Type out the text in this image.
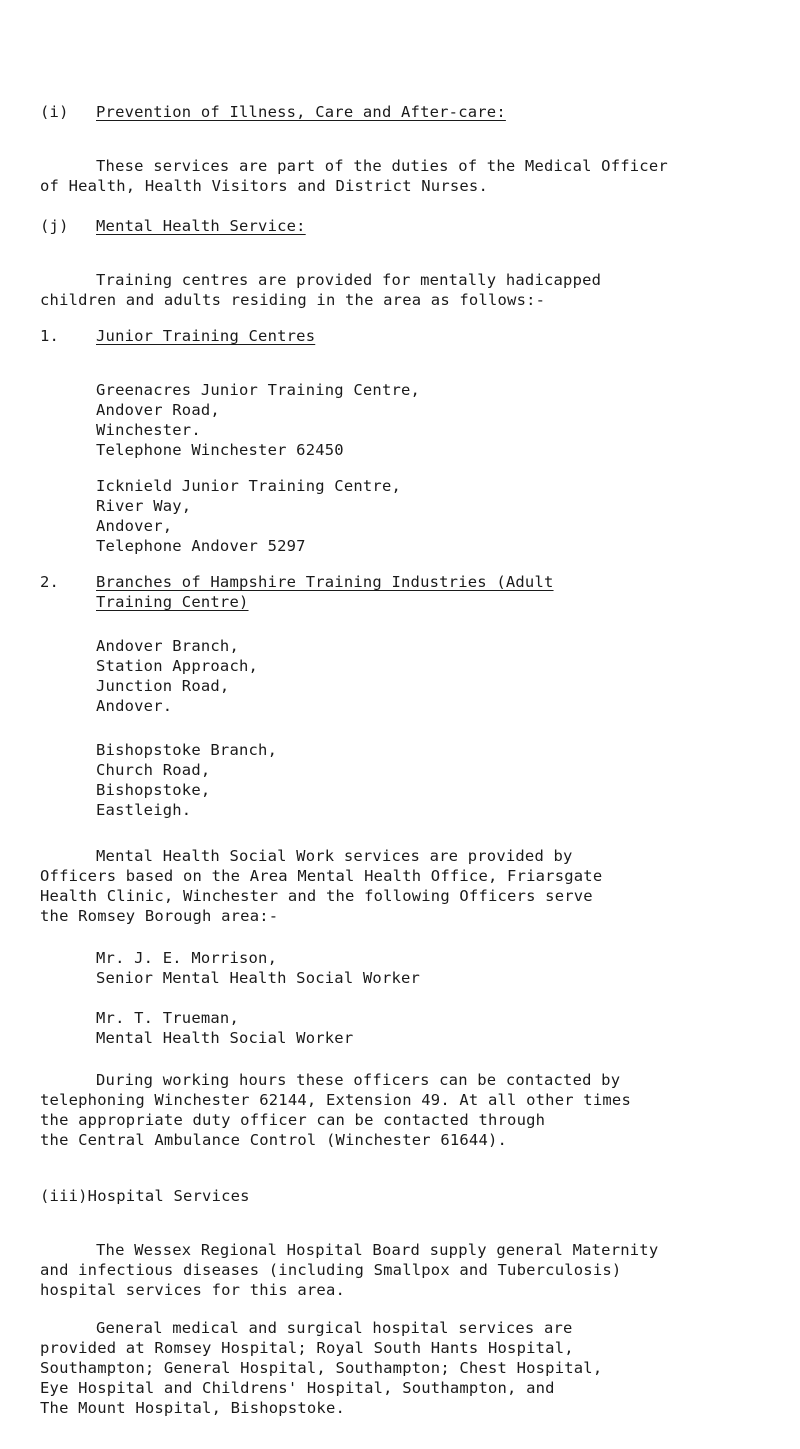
(i) Prevention of Illness, Care and After-care:
These services are part of the duties of the Medical Officer
of Health, Health Visitors and District Nurses.
(j) Mental Health Service:
Training centres are provided for mentally hadicapped
children and adults residing in the area as follows:-
1. Junior Training Centres
Greenacres Junior Training Centre,
Andover Road,
Winchester.
Telephone Winchester 62450
Icknield Junior Training Centre,
River Way,
Andover,
Telephone Andover 5297
2. Branches of Hampshire Training Industries (Adult
Training Centre)
Andover Branch,
Station Approach,
Junction Road,
Andover.
Bishopstoke Branch,
Church Road,
Bishopstoke,
Eastleigh.
Mental Health Social Work services are provided by
Officers based on the Area Mental Health Office, Friarsgate
Health Clinic, Winchester and the following Officers serve
the Romsey Borough area:-
Mr. J. E. Morrison,
Senior Mental Health Social Worker
Mr. T. Trueman,
Mental Health Social Worker
During working hours these officers can be contacted by
telephoning Winchester 62144, Extension 49. At all other times
the appropriate duty officer can be contacted through
the Central Ambulance Control (Winchester 61644).
(iii)Hospital Services
The Wessex Regional Hospital Board supply general Maternity
and infectious diseases (including Smallpox and Tuberculosis)
hospital services for this area.
General medical and surgical hospital services are
provided at Romsey Hospital; Royal South Hants Hospital,
Southampton; General Hospital, Southampton; Chest Hospital,
Eye Hospital and Childrens' Hospital, Southampton, and
The Mount Hospital, Bishopstoke.
